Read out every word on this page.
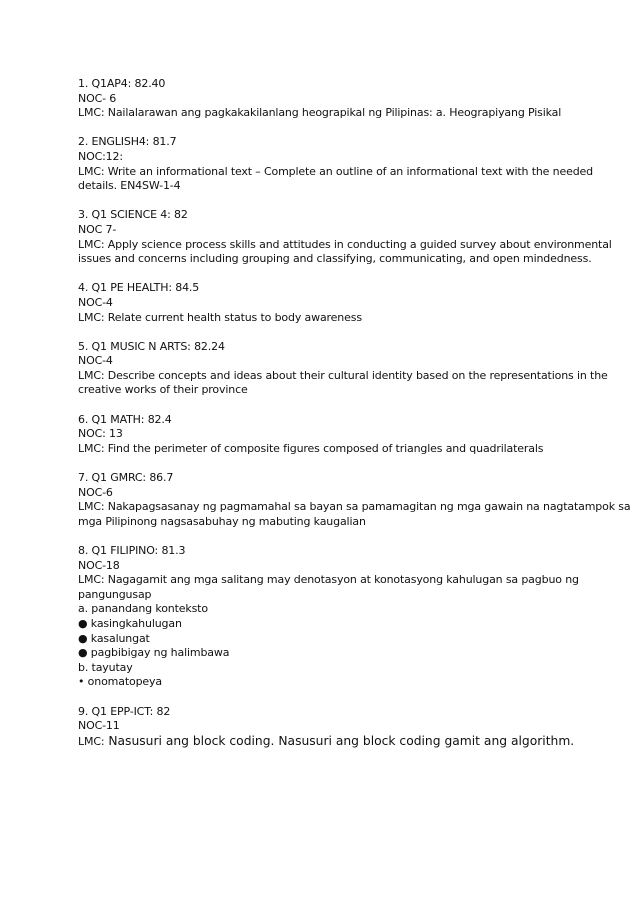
1. Q1AP4: 82.40
NOC- 6
LMC: Nailalarawan ang pagkakakilanlang heograpikal ng Pilipinas: a. Heograpiyang Pisikal
2. ENGLISH4: 81.7
NOC:12:
LMC: Write an informational text – Complete an outline of an informational text with the needed
details. EN4SW-1-4
3. Q1 SCIENCE 4: 82
NOC 7-
LMC: Apply science process skills and attitudes in conducting a guided survey about environmental
issues and concerns including grouping and classifying, communicating, and open mindedness.
4. Q1 PE HEALTH: 84.5
NOC-4
LMC: Relate current health status to body awareness
5. Q1 MUSIC N ARTS: 82.24
NOC-4
LMC: Describe concepts and ideas about their cultural identity based on the representations in the
creative works of their province
6. Q1 MATH: 82.4
NOC: 13
LMC: Find the perimeter of composite figures composed of triangles and quadrilaterals
7. Q1 GMRC: 86.7
NOC-6
LMC: Nakapagsasanay ng pagmamahal sa bayan sa pamamagitan ng mga gawain na nagtatampok sa
mga Pilipinong nagsasabuhay ng mabuting kaugalian
8. Q1 FILIPINO: 81.3
NOC-18
LMC: Nagagamit ang mga salitang may denotasyon at konotasyong kahulugan sa pagbuo ng
pangungusap
a. panandang konteksto
● kasingkahulugan
● kasalungat
● pagbibigay ng halimbawa
b. tayutay
• onomatopeya
9. Q1 EPP-ICT: 82
NOC-11
LMC: Nasusuri ang block coding. Nasusuri ang block coding gamit ang algorithm.
